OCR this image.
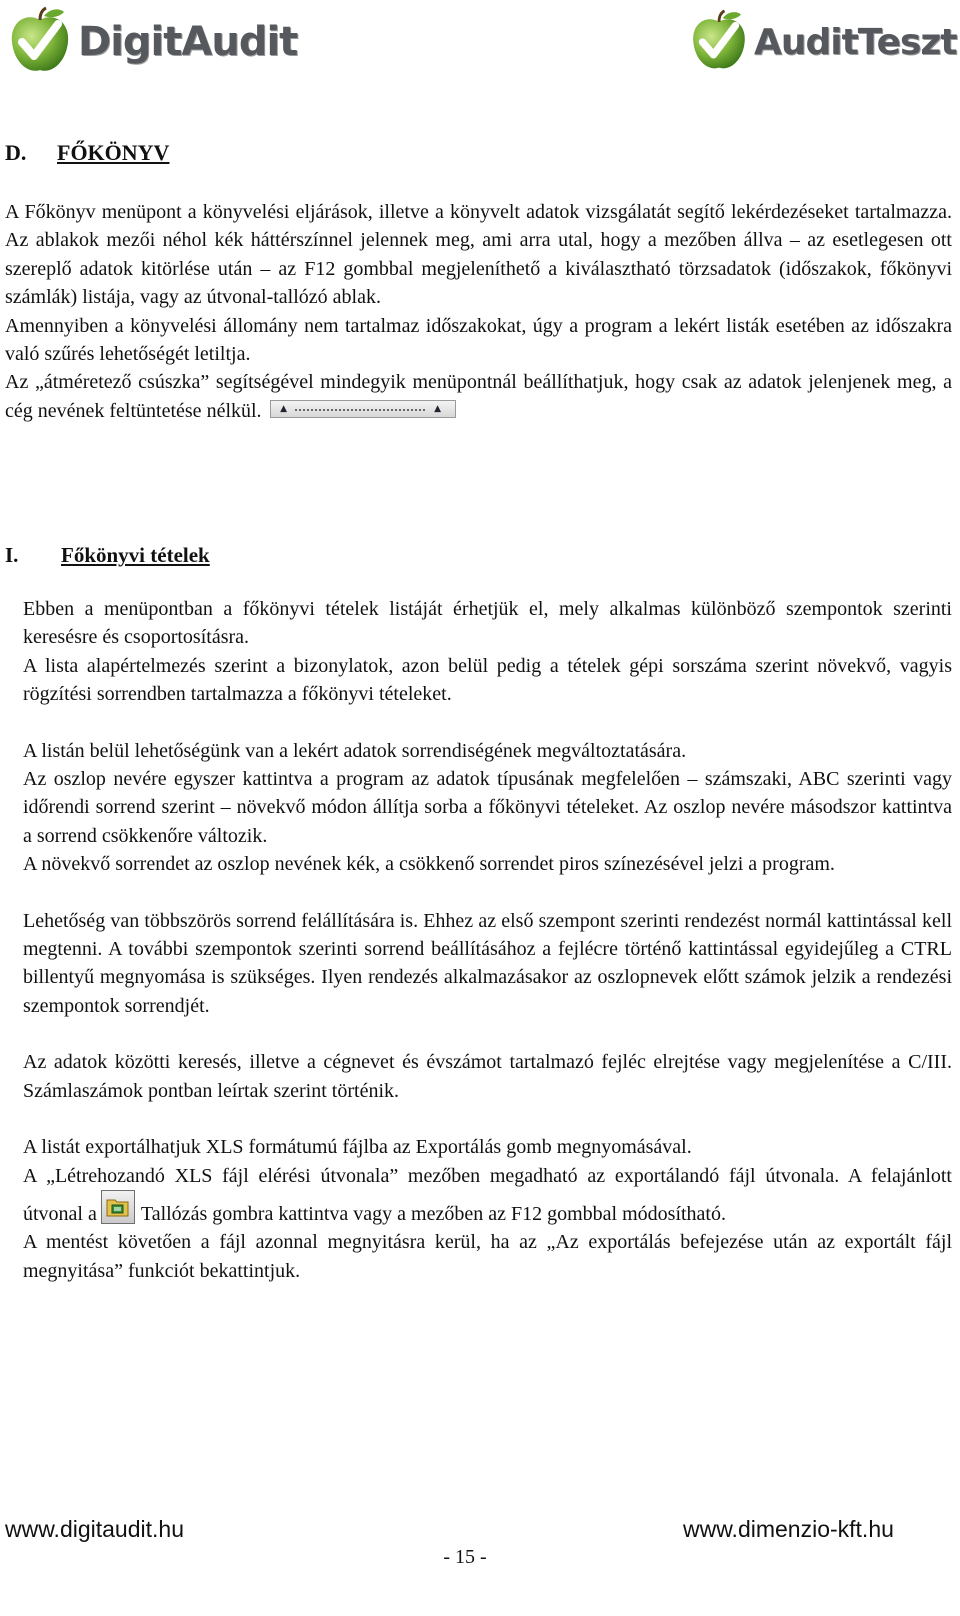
DigitAudit	AuditTeszt
D. FŐKÖNYV

A Főkönyv menüpont a könyvelési eljárások, illetve a könyvelt adatok vizsgálatát segítő lekérdezéseket tartalmazza. Az ablakok mezői néhol kék háttérszínnel jelennek meg, ami arra utal, hogy a mezőben állva – az esetlegesen ott szereplő adatok kitörlése után – az F12 gombbal megjeleníthető a kiválasztható törzsadatok (időszakok, főkönyvi számlák) listája, vagy az útvonal-tallózó ablak.

Amennyiben a könyvelési állomány nem tartalmaz időszakokat, úgy a program a lekért listák esetében az időszakra való szűrés lehetőségét letiltja.

Az „átméretező csúszka” segítségével mindegyik menüpontnál beállíthatjuk, hogy csak az adatok jelenjenek meg, a cég nevének feltüntetése nélkül.	▲	▲

I. Főkönyvi tételek

Ebben a menüpontban a főkönyvi tételek listáját érhetjük el, mely alkalmas különböző szempontok szerinti keresésre és csoportosításra.

A lista alapértelmezés szerint a bizonylatok, azon belül pedig a tételek gépi sorszáma szerint növekvő, vagyis rögzítési sorrendben tartalmazza a főkönyvi tételeket.

A listán belül lehetőségünk van a lekért adatok sorrendiségének megváltoztatására.

Az oszlop nevére egyszer kattintva a program az adatok típusának megfelelően – számszaki, ABC szerinti vagy időrendi sorrend szerint – növekvő módon állítja sorba a főkönyvi tételeket. Az oszlop nevére másodszor kattintva a sorrend csökkenőre változik.

A növekvő sorrendet az oszlop nevének kék, a csökkenő sorrendet piros színezésével jelzi a program.

Lehetőség van többszörös sorrend felállítására is. Ehhez az első szempont szerinti rendezést normál kattintással kell megtenni. A további szempontok szerinti sorrend beállításához a fejlécre történő kattintással egyidejűleg a CTRL billentyű megnyomása is szükséges. Ilyen rendezés alkalmazásakor az oszlopnevek előtt számok jelzik a rendezési szempontok sorrendjét.

Az adatok közötti keresés, illetve a cégnevet és évszámot tartalmazó fejléc elrejtése vagy megjelenítése a C/III. Számlaszámok pontban leírtak szerint történik.

A listát exportálhatjuk XLS formátumú fájlba az Exportálás gomb megnyomásával.

A „Létrehozandó XLS fájl elérési útvonala” mezőben megadható az exportálandó fájl útvonala. A felajánlott útvonal a Tallózás gombra kattintva vagy a mezőben az F12 gombbal módosítható.

A mentést követően a fájl azonnal megnyitásra kerül, ha az „Az exportálás befejezése után az exportált fájl megnyitása” funkciót bekattintjuk.

www.digitaudit.hu	www.dimenzio-kft.hu
- 15 -
